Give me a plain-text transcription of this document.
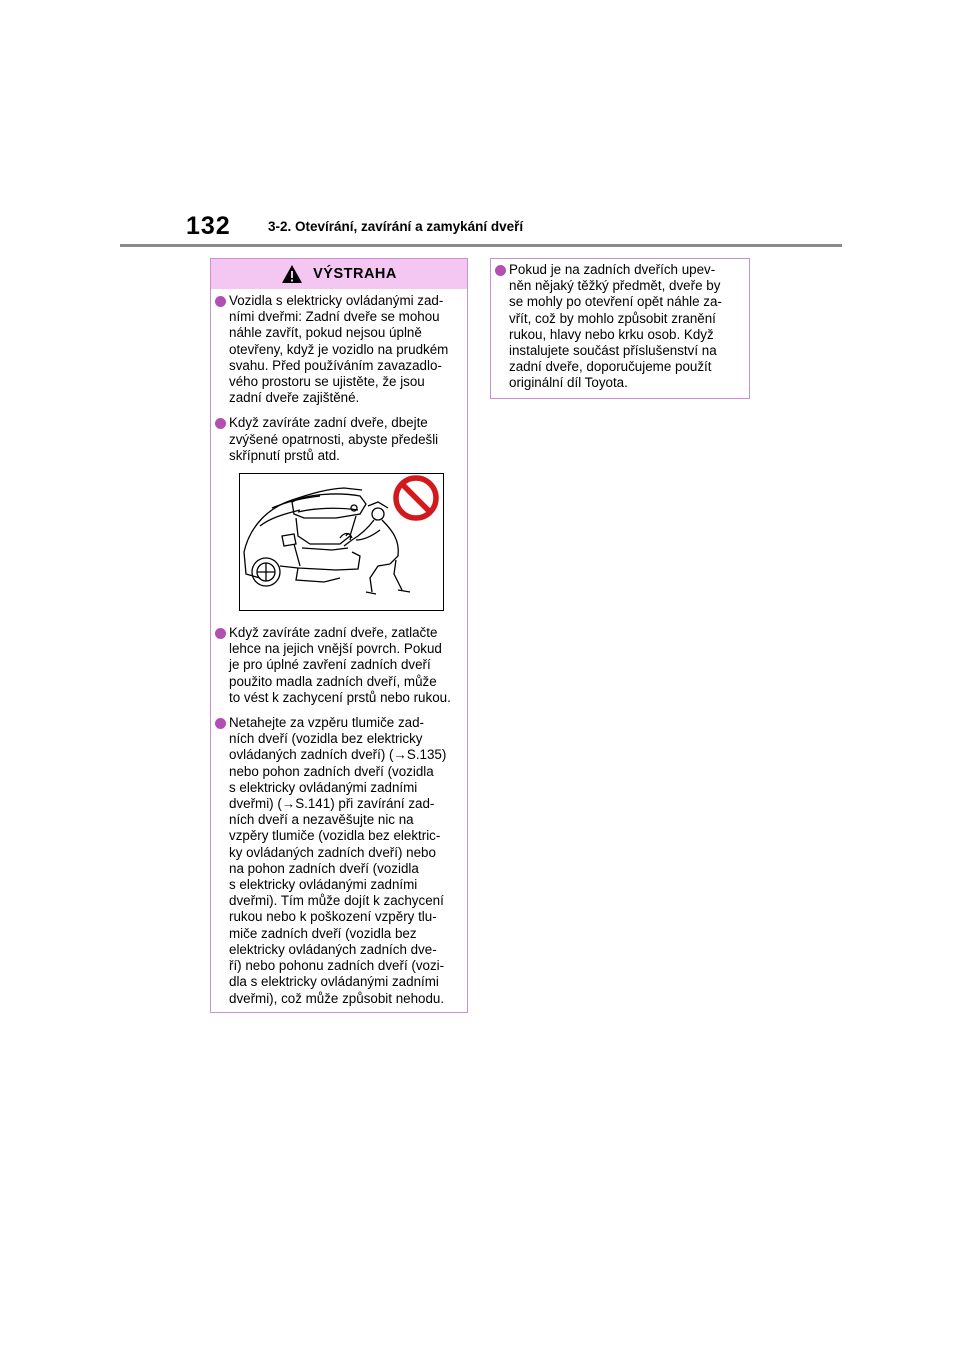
132	3-2. Otevírání, zavírání a zamykání dveří
VÝSTRAHA
Vozidla s elektricky ovládanými zad-
ními dveřmi: Zadní dveře se mohou
náhle zavřít, pokud nejsou úplně
otevřeny, když je vozidlo na prudkém
svahu. Před používáním zavazadlo-
vého prostoru se ujistěte, že jsou
zadní dveře zajištěné.
Když zavíráte zadní dveře, dbejte
zvýšené opatrnosti, abyste předešli
skřípnutí prstů atd.
Když zavíráte zadní dveře, zatlačte
lehce na jejich vnější povrch. Pokud
je pro úplné zavření zadních dveří
použito madla zadních dveří, může
to vést k zachycení prstů nebo rukou.
Netahejte za vzpěru tlumiče zad-
ních dveří (vozidla bez elektricky
ovládaných zadních dveří) (→S.135)
nebo pohon zadních dveří (vozidla
s elektricky ovládanými zadními
dveřmi) (→S.141) při zavírání zad-
ních dveří a nezavěšujte nic na
vzpěry tlumiče (vozidla bez elektric-
ky ovládaných zadních dveří) nebo
na pohon zadních dveří (vozidla
s elektricky ovládanými zadními
dveřmi). Tím může dojít k zachycení
rukou nebo k poškození vzpěry tlu-
miče zadních dveří (vozidla bez
elektricky ovládaných zadních dve-
ří) nebo pohonu zadních dveří (vozi-
dla s elektricky ovládanými zadními
dveřmi), což může způsobit nehodu.
Pokud je na zadních dveřích upev-
něn nějaký těžký předmět, dveře by
se mohly po otevření opět náhle za-
vřít, což by mohlo způsobit zranění
rukou, hlavy nebo krku osob. Když
instalujete součást příslušenství na
zadní dveře, doporučujeme použít
originální díl Toyota.
